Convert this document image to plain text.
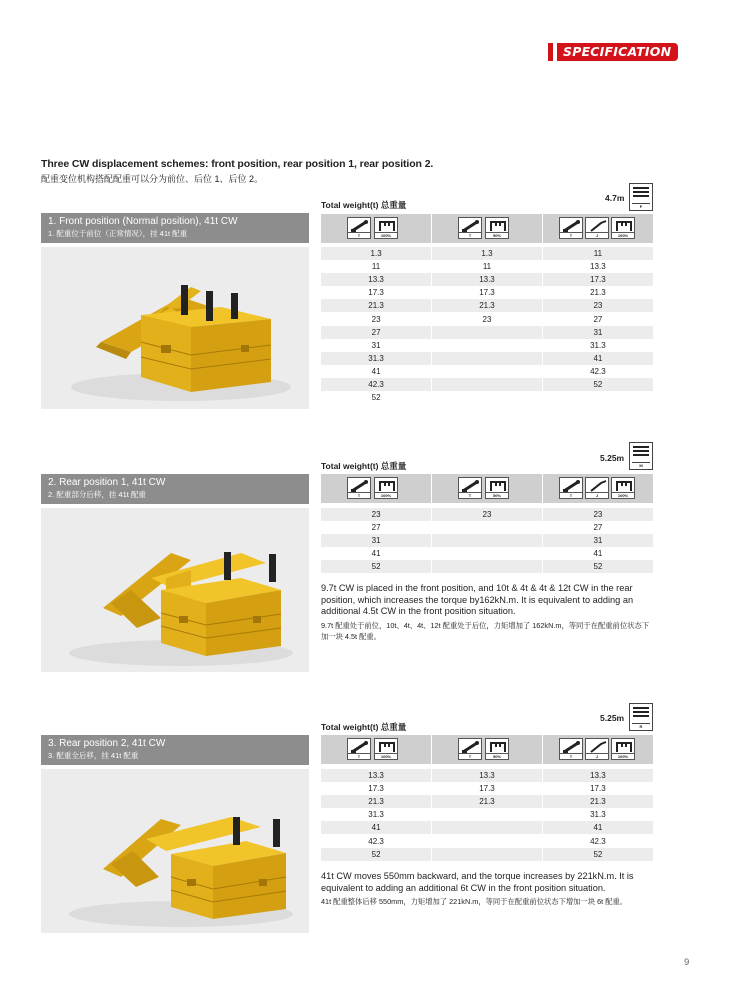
SPECIFICATION
Three CW displacement schemes: front position, rear position 1, rear position 2.
配重变位机构搭配配重可以分为前位、后位 1、后位 2。
Total weight(t) 总重量
4.7m
F
1. Front position (Normal position), 41t CW
1. 配重位于前位（正常情况），挂 41t 配重	T	100%	T	50%	T	J	100%
1.3	1.3	11
11	11	13.3
13.3	13.3	17.3
17.3	17.3	21.3
21.3	21.3	23
23	23	27
27		31
31		31.3
31.3		41
41		42.3
42.3		52
52		
Total weight(t) 总重量
5.25m
M
2. Rear position 1, 41t CW
2. 配重部分后移，挂 41t 配重	T	100%	T	50%	T	J	100%
23	23	23
27		27
31		31
41		41
52		52
9.7t CW is placed in the front position, and 10t & 4t & 4t & 12t CW in the rear position, which increases the torque by162kN.m. It is equivalent to adding an additional 4.5t CW in the front position situation.
9.7t 配重处于前位，10t、4t、4t、12t 配重处于后位，力矩增加了 162kN.m，等同于在配重前位状态下加一块 4.5t 配重。
Total weight(t) 总重量
5.25m
R
3. Rear position 2, 41t CW
3. 配重全后移，挂 41t 配重	T	100%	T	50%	T	J	100%
13.3	13.3	13.3
17.3	17.3	17.3
21.3	21.3	21.3
31.3		31.3
41		41
42.3		42.3
52		52
41t CW moves 550mm backward, and the torque increases by 221kN.m. It is equivalent to adding an additional 6t CW in the front position situation.
41t 配重整体后移 550mm，力矩增加了 221kN.m，等同于在配重前位状态下增加一块 6t 配重。
9
